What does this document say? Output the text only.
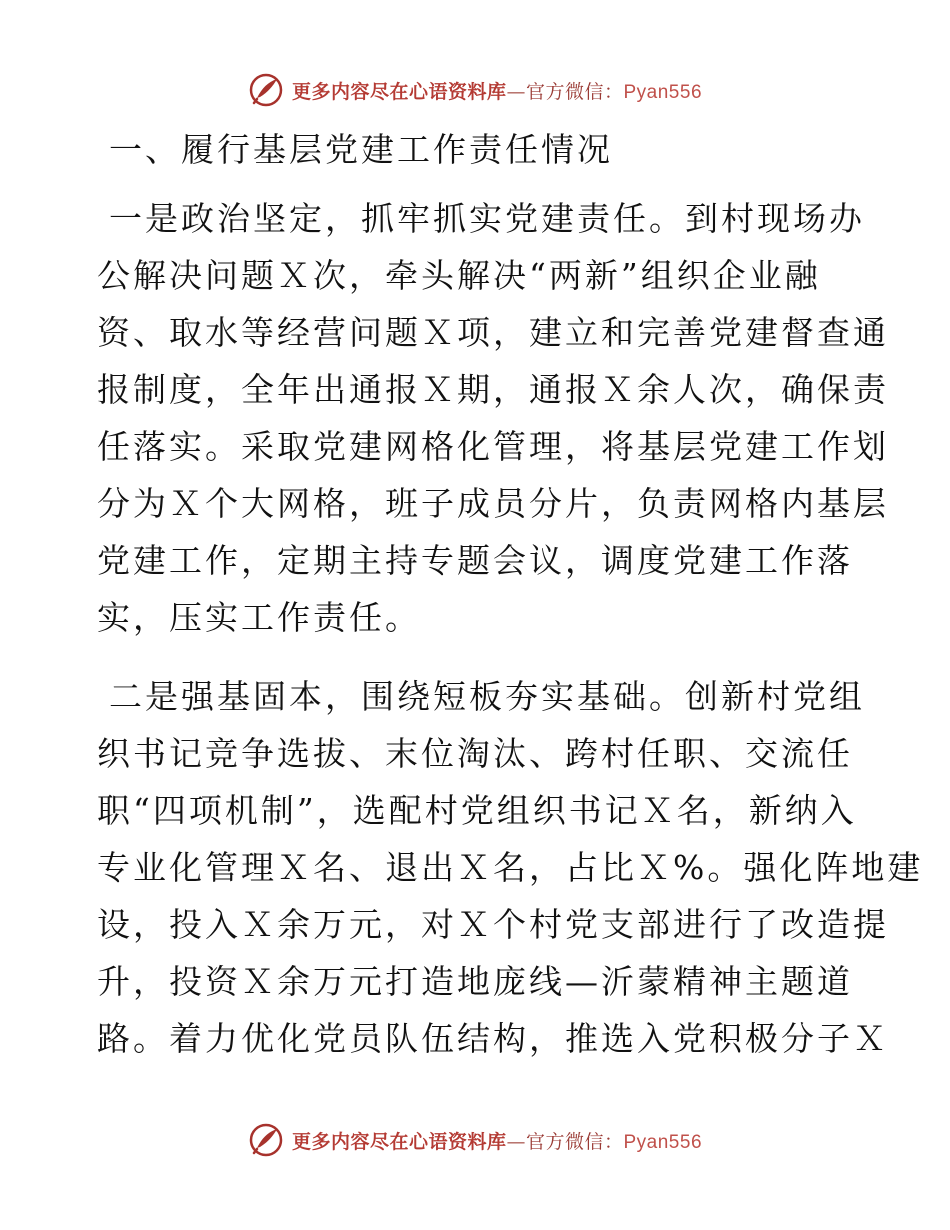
更多内容尽在心语资料库—官方微信：Pyan556
一、履行基层党建工作责任情况
一是政治坚定，抓牢抓实党建责任。到村现场办
公解决问题Ｘ次，牵头解决“两新”组织企业融
资、取水等经营问题Ｘ项，建立和完善党建督查通
报制度，全年出通报Ｘ期，通报Ｘ余人次，确保责
任落实。采取党建网格化管理，将基层党建工作划
分为Ｘ个大网格，班子成员分片，负责网格内基层
党建工作，定期主持专题会议，调度党建工作落
实，压实工作责任。
二是强基固本，围绕短板夯实基础。创新村党组
织书记竞争选拔、末位淘汰、跨村任职、交流任
职“四项机制”，选配村党组织书记Ｘ名，新纳入
专业化管理Ｘ名、退出Ｘ名，占比Ｘ%。强化阵地建
设，投入Ｘ余万元，对Ｘ个村党支部进行了改造提
升，投资Ｘ余万元打造地庞线—沂蒙精神主题道
路。着力优化党员队伍结构，推选入党积极分子Ｘ
更多内容尽在心语资料库—官方微信：Pyan556
